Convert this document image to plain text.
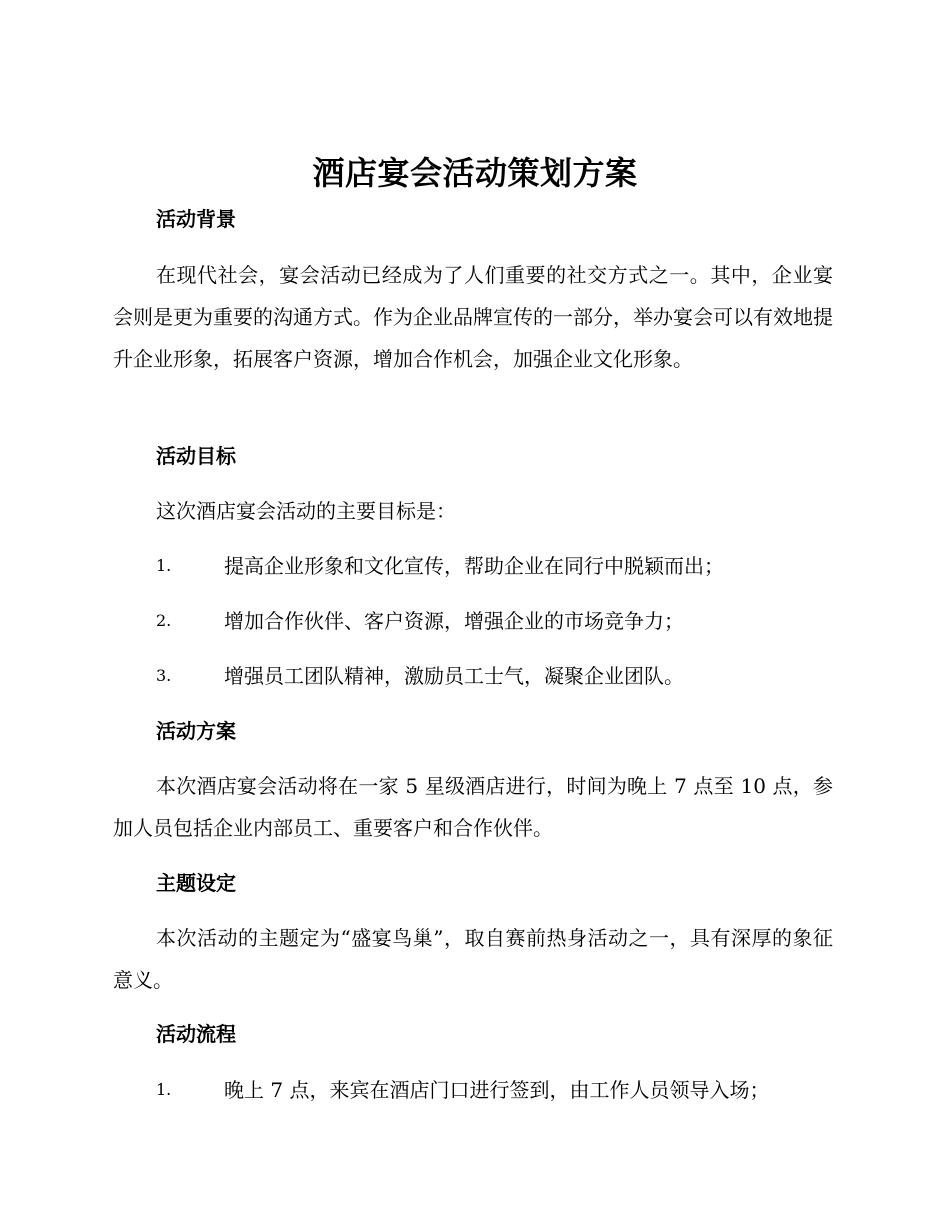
酒店宴会活动策划方案
活动背景
在现代社会，宴会活动已经成为了人们重要的社交方式之一。其中，企业宴会则是更为重要的沟通方式。作为企业品牌宣传的一部分，举办宴会可以有效地提升企业形象，拓展客户资源，增加合作机会，加强企业文化形象。
活动目标
这次酒店宴会活动的主要目标是：
1.	提高企业形象和文化宣传，帮助企业在同行中脱颖而出；
2.	增加合作伙伴、客户资源，增强企业的市场竞争力；
3.	增强员工团队精神，激励员工士气，凝聚企业团队。
活动方案
本次酒店宴会活动将在一家 5 星级酒店进行，时间为晚上 7 点至 10 点，参加人员包括企业内部员工、重要客户和合作伙伴。
主题设定
本次活动的主题定为“盛宴鸟巢”，取自赛前热身活动之一，具有深厚的象征意义。
活动流程
1.	晚上 7 点，来宾在酒店门口进行签到，由工作人员领导入场；
